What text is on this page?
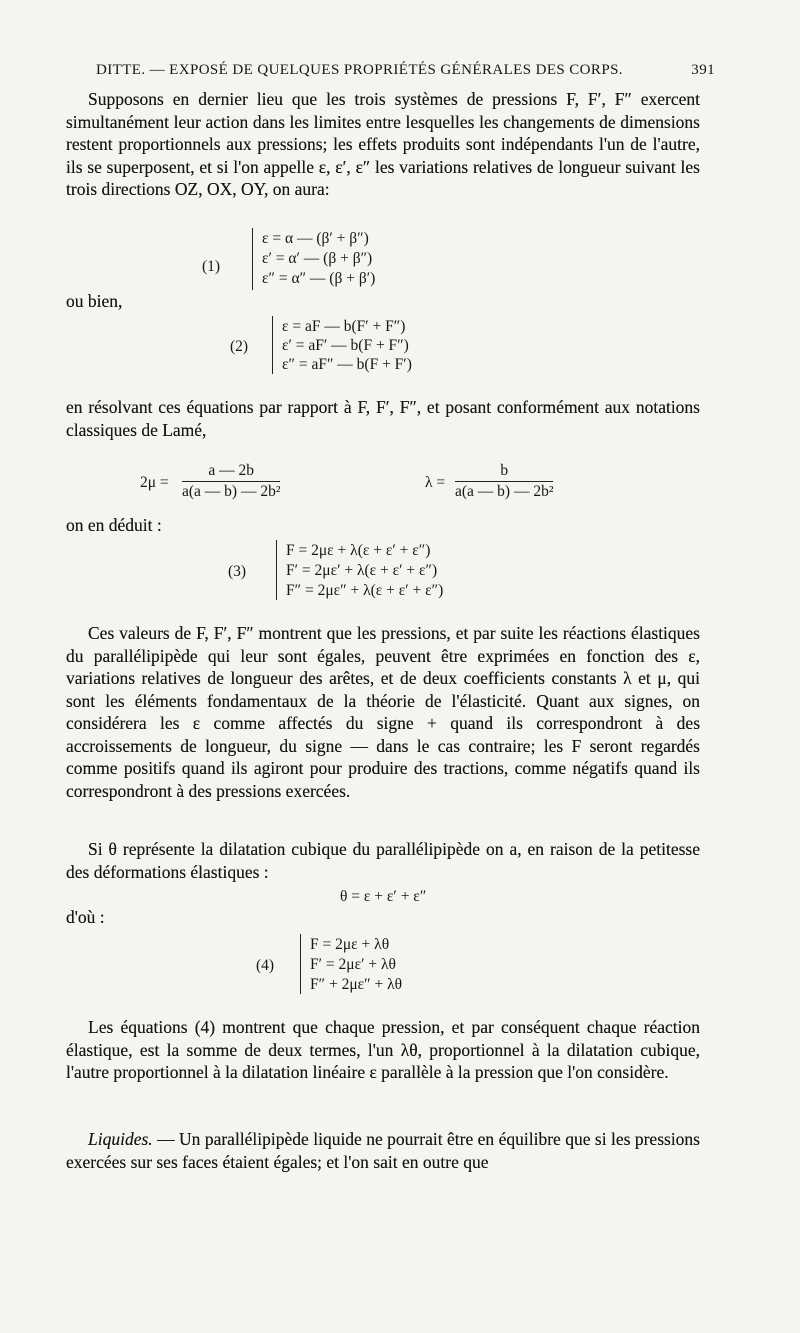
DITTE. — EXPOSÉ DE QUELQUES PROPRIÉTÉS GÉNÉRALES DES CORPS.	391
Supposons en dernier lieu que les trois systèmes de pressions F, F′, F″ exercent simultanément leur action dans les limites entre lesquelles les changements de dimensions restent proportionnels aux pressions; les effets produits sont indépendants l'un de l'autre, ils se superposent, et si l'on appelle ε, ε′, ε″ les variations relatives de longueur suivant les trois directions OZ, OX, OY, on aura:
(1)
ε = α — (β′ + β″)
ε′ = α′ — (β + β″)
ε″ = α″ — (β + β′)
ou bien,
(2)
ε = aF — b(F′ + F″)
ε′ = aF′ — b(F + F″)
ε″ = aF″ — b(F + F′)
en résolvant ces équations par rapport à F, F′, F″, et posant conformément aux notations classiques de Lamé,
$2\mu = \frac{a — 2b}{\text{a(a — b) — 2b²}}$	$\lambda = \frac{b}{\text{a(a — b) — 2b²}}$
on en déduit :
(3)
F = 2με + λ(ε + ε′ + ε″)
F′ = 2με′ + λ(ε + ε′ + ε″)
F″ = 2με″ + λ(ε + ε′ + ε″)
Ces valeurs de F, F′, F″ montrent que les pressions, et par suite les réactions élastiques du parallélipipède qui leur sont égales, peuvent être exprimées en fonction des ε, variations relatives de longueur des arêtes, et de deux coefficients constants λ et μ, qui sont les éléments fondamentaux de la théorie de l'élasticité. Quant aux signes, on considérera les ε comme affectés du signe + quand ils correspondront à des accroissements de longueur, du signe — dans le cas contraire; les F seront regardés comme positifs quand ils agiront pour produire des tractions, comme négatifs quand ils correspondront à des pressions exercées.
Si θ représente la dilatation cubique du parallélipipède on a, en raison de la petitesse des déformations élastiques :
θ = ε + ε′ + ε″
d'où :
(4)
F = 2με + λθ
F′ = 2με′ + λθ
F″ + 2με″ + λθ
Les équations (4) montrent que chaque pression, et par conséquent chaque réaction élastique, est la somme de deux termes, l'un λθ, proportionnel à la dilatation cubique, l'autre proportionnel à la dilatation linéaire ε parallèle à la pression que l'on considère.
Liquides. — Un parallélipipède liquide ne pourrait être en équilibre que si les pressions exercées sur ses faces étaient égales; et l'on sait en outre que
